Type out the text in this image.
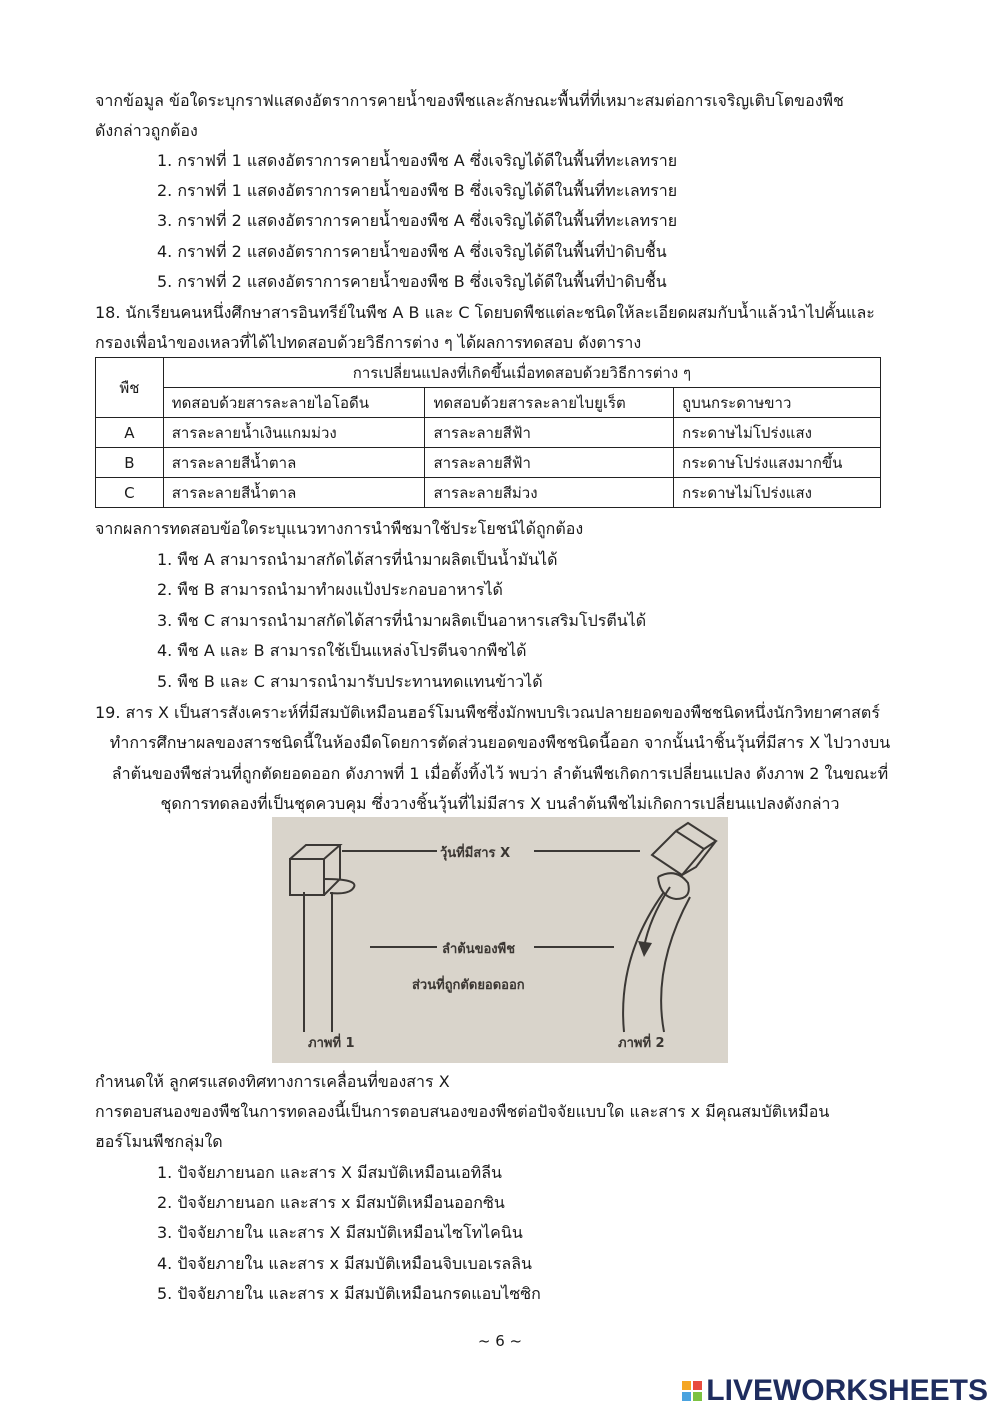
จากข้อมูล ข้อใดระบุกราฟแสดงอัตราการคายน้ำของพืชและลักษณะพื้นที่ที่เหมาะสมต่อการเจริญเติบโตของพืช
ดังกล่าวถูกต้อง
1. กราฟที่ 1 แสดงอัตราการคายน้ำของพืช A ซึ่งเจริญได้ดีในพื้นที่ทะเลทราย
2. กราฟที่ 1 แสดงอัตราการคายน้ำของพืช B ซึ่งเจริญได้ดีในพื้นที่ทะเลทราย
3. กราฟที่ 2 แสดงอัตราการคายน้ำของพืช A ซึ่งเจริญได้ดีในพื้นที่ทะเลทราย
4. กราฟที่ 2 แสดงอัตราการคายน้ำของพืช A ซึ่งเจริญได้ดีในพื้นที่ป่าดิบชื้น
5. กราฟที่ 2 แสดงอัตราการคายน้ำของพืช B ซึ่งเจริญได้ดีในพื้นที่ป่าดิบชื้น
18. นักเรียนคนหนึ่งศึกษาสารอินทรีย์ในพืช A B และ C โดยบดพืชแต่ละชนิดให้ละเอียดผสมกับน้ำแล้วนำไปคั้นและ
กรองเพื่อนำของเหลวที่ได้ไปทดสอบด้วยวิธีการต่าง ๆ ได้ผลการทดสอบ ดังตาราง
พืช	การเปลี่ยนแปลงที่เกิดขึ้นเมื่อทดสอบด้วยวิธีการต่าง ๆ		
	ทดสอบด้วยสารละลายไอโอดีน	ทดสอบด้วยสารละลายไบยูเร็ต	ถูบนกระดาษขาว
A	สารละลายน้ำเงินแกมม่วง	สารละลายสีฟ้า	กระดาษไม่โปร่งแสง
B	สารละลายสีน้ำตาล	สารละลายสีฟ้า	กระดาษโปร่งแสงมากขึ้น
C	สารละลายสีน้ำตาล	สารละลายสีม่วง	กระดาษไม่โปร่งแสง
จากผลการทดสอบข้อใดระบุแนวทางการนำพืชมาใช้ประโยชน์ได้ถูกต้อง
1. พืช A สามารถนำมาสกัดได้สารที่นำมาผลิตเป็นน้ำมันได้
2. พืช B สามารถนำมาทำผงแป้งประกอบอาหารได้
3. พืช C สามารถนำมาสกัดได้สารที่นำมาผลิตเป็นอาหารเสริมโปรตีนได้
4. พืช A และ B สามารถใช้เป็นแหล่งโปรตีนจากพืชได้
5. พืช B และ C สามารถนำมารับประทานทดแทนข้าวได้
19. สาร X เป็นสารสังเคราะห์ที่มีสมบัติเหมือนฮอร์โมนพืชซึ่งมักพบบริเวณปลายยอดของพืชชนิดหนึ่งนักวิทยาศาสตร์
ทำการศึกษาผลของสารชนิดนี้ในห้องมืดโดยการตัดส่วนยอดของพืชชนิดนี้ออก จากนั้นนำชิ้นวุ้นที่มีสาร X ไปวางบน
ลำต้นของพืชส่วนที่ถูกตัดยอดออก ดังภาพที่ 1 เมื่อตั้งทิ้งไว้ พบว่า ลำต้นพืชเกิดการเปลี่ยนแปลง ดังภาพ 2 ในขณะที่
ชุดการทดลองที่เป็นชุดควบคุม ซึ่งวางชิ้นวุ้นที่ไม่มีสาร X บนลำต้นพืชไม่เกิดการเปลี่ยนแปลงดังกล่าว
วุ้นที่มีสาร X
ลำต้นของพืช
ส่วนที่ถูกตัดยอดออก
ภาพที่ 1	ภาพที่ 2
กำหนดให้ ลูกศรแสดงทิศทางการเคลื่อนที่ของสาร X
การตอบสนองของพืชในการทดลองนี้เป็นการตอบสนองของพืชต่อปัจจัยแบบใด และสาร x มีคุณสมบัติเหมือน
ฮอร์โมนพืชกลุ่มใด
1. ปัจจัยภายนอก และสาร X มีสมบัติเหมือนเอทิลีน
2. ปัจจัยภายนอก และสาร x มีสมบัติเหมือนออกซิน
3. ปัจจัยภายใน และสาร X มีสมบัติเหมือนไซโทไคนิน
4. ปัจจัยภายใน และสาร x มีสมบัติเหมือนจิบเบอเรลลิน
5. ปัจจัยภายใน และสาร x มีสมบัติเหมือนกรดแอบไซซิก
~ 6 ~
LIVEWORKSHEETS
